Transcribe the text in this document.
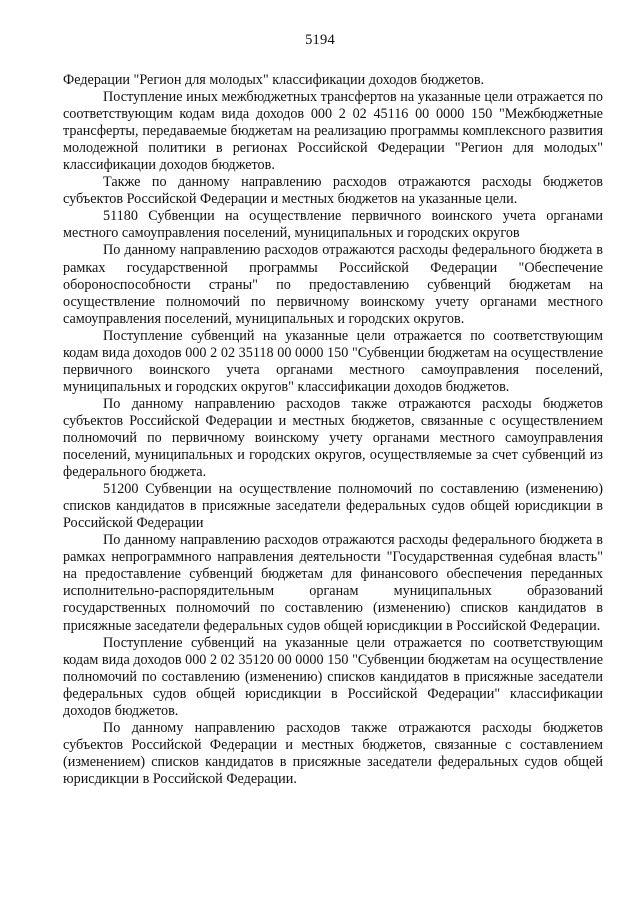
5194

Федерации "Регион для молодых" классификации доходов бюджетов.

Поступление иных межбюджетных трансфертов на указанные цели отражается по соответствующим кодам вида доходов 000 2 02 45116 00 0000 150 "Межбюджетные трансферты, передаваемые бюджетам на реализацию программы комплексного развития молодежной политики в регионах Российской Федерации "Регион для молодых" классификации доходов бюджетов.

Также по данному направлению расходов отражаются расходы бюджетов субъектов Российской Федерации и местных бюджетов на указанные цели.

51180 Субвенции на осуществление первичного воинского учета органами местного самоуправления поселений, муниципальных и городских округов

По данному направлению расходов отражаются расходы федерального бюджета в рамках государственной программы Российской Федерации "Обеспечение обороноспособности страны" по предоставлению субвенций бюджетам на осуществление полномочий по первичному воинскому учету органами местного самоуправления поселений, муниципальных и городских округов.

Поступление субвенций на указанные цели отражается по соответствующим кодам вида доходов 000 2 02 35118 00 0000 150 "Субвенции бюджетам на осуществление первичного воинского учета органами местного самоуправления поселений, муниципальных и городских округов" классификации доходов бюджетов.

По данному направлению расходов также отражаются расходы бюджетов субъектов Российской Федерации и местных бюджетов, связанные с осуществлением полномочий по первичному воинскому учету органами местного самоуправления поселений, муниципальных и городских округов, осуществляемые за счет субвенций из федерального бюджета.

51200 Субвенции на осуществление полномочий по составлению (изменению) списков кандидатов в присяжные заседатели федеральных судов общей юрисдикции в Российской Федерации

По данному направлению расходов отражаются расходы федерального бюджета в рамках непрограммного направления деятельности "Государственная судебная власть" на предоставление субвенций бюджетам для финансового обеспечения переданных исполнительно-распорядительным органам муниципальных образований государственных полномочий по составлению (изменению) списков кандидатов в присяжные заседатели федеральных судов общей юрисдикции в Российской Федерации.

Поступление субвенций на указанные цели отражается по соответствующим кодам вида доходов 000 2 02 35120 00 0000 150 "Субвенции бюджетам на осуществление полномочий по составлению (изменению) списков кандидатов в присяжные заседатели федеральных судов общей юрисдикции в Российской Федерации" классификации доходов бюджетов.

По данному направлению расходов также отражаются расходы бюджетов субъектов Российской Федерации и местных бюджетов, связанные с составлением (изменением) списков кандидатов в присяжные заседатели федеральных судов общей юрисдикции в Российской Федерации.
